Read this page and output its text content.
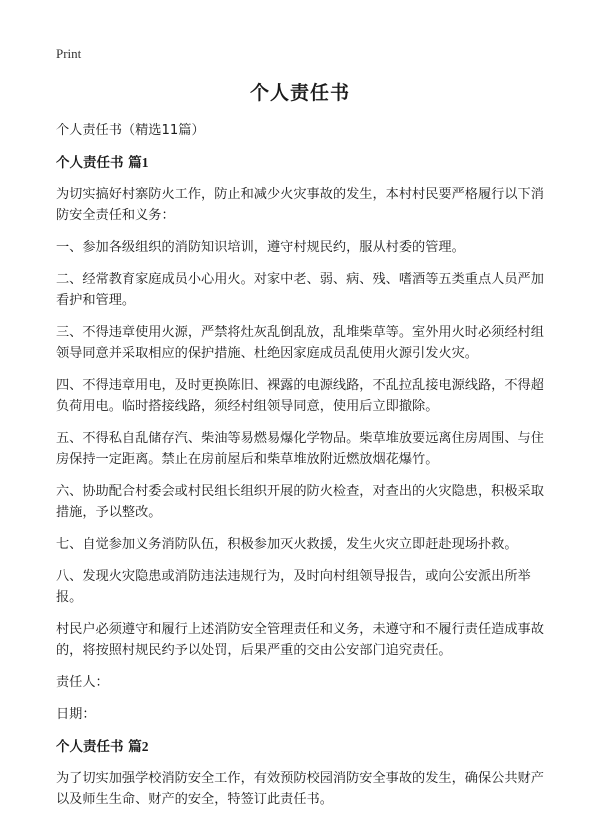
Print
个人责任书
个人责任书（精选11篇）
个人责任书 篇1

为切实搞好村寨防火工作，防止和减少火灾事故的发生，本村村民要严格履行以下消防安全责任和义务：

一、参加各级组织的消防知识培训，遵守村规民约，服从村委的管理。

二、经常教育家庭成员小心用火。对家中老、弱、病、残、嗜酒等五类重点人员严加看护和管理。

三、不得违章使用火源，严禁将灶灰乱倒乱放，乱堆柴草等。室外用火时必须经村组领导同意并采取相应的保护措施、杜绝因家庭成员乱使用火源引发火灾。

四、不得违章用电，及时更换陈旧、裸露的电源线路，不乱拉乱接电源线路，不得超负荷用电。临时搭接线路，须经村组领导同意，使用后立即撤除。

五、不得私自乱储存汽、柴油等易燃易爆化学物品。柴草堆放要远离住房周围、与住房保持一定距离。禁止在房前屋后和柴草堆放附近燃放烟花爆竹。

六、协助配合村委会或村民组长组织开展的防火检查，对查出的火灾隐患，积极采取措施，予以整改。

七、自觉参加义务消防队伍，积极参加灭火救援，发生火灾立即赶赴现场扑救。

八、发现火灾隐患或消防违法违规行为，及时向村组领导报告，或向公安派出所举报。

村民户必须遵守和履行上述消防安全管理责任和义务，未遵守和不履行责任造成事故的，将按照村规民约予以处罚，后果严重的交由公安部门追究责任。

责任人：

日期：

个人责任书 篇2

为了切实加强学校消防安全工作，有效预防校园消防安全事故的发生，确保公共财产以及师生生命、财产的安全，特签订此责任书。
